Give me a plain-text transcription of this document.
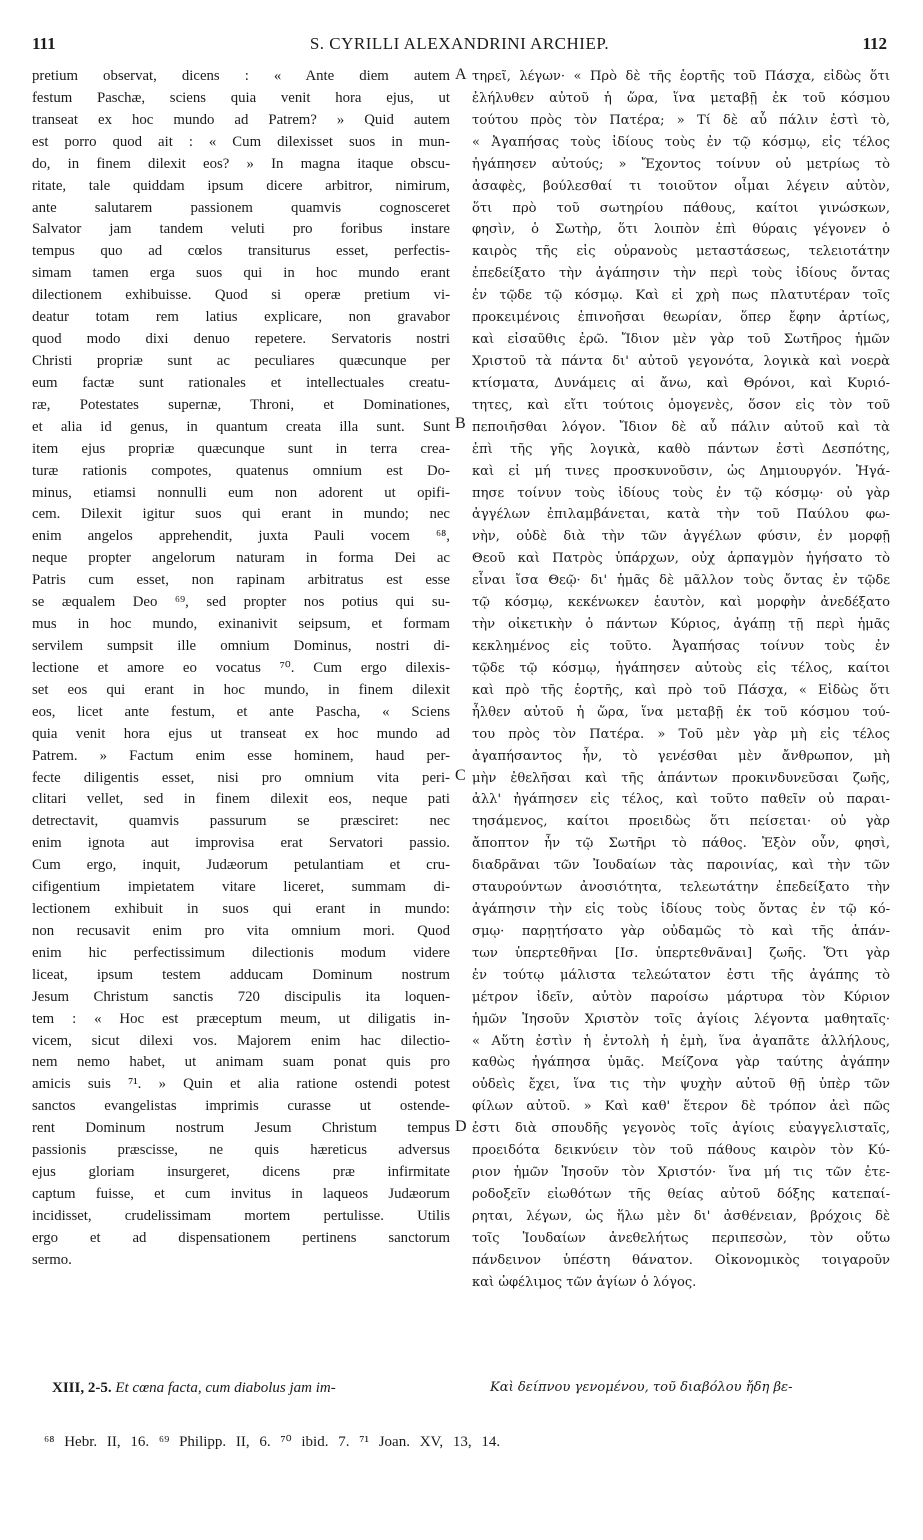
111	S. CYRILLI ALEXANDRINI ARCHIEP.	112
pretium observat, dicens : « Ante diem autem
festum Paschæ, sciens quia venit hora ejus, ut
transeat ex hoc mundo ad Patrem? » Quid autem
est porro quod ait : « Cum dilexisset suos in mun-
do, in finem dilexit eos? » In magna itaque obscu-
ritate, tale quiddam ipsum dicere arbitror, nimirum,
ante salutarem passionem quamvis cognosceret
Salvator jam tandem veluti pro foribus instare
tempus quo ad cœlos transiturus esset, perfectis-
simam tamen erga suos qui in hoc mundo erant
dilectionem exhibuisse. Quod si operæ pretium vi-
deatur totam rem latius explicare, non gravabor
quod modo dixi denuo repetere. Servatoris nostri
Christi propriæ sunt ac peculiares quæcunque per
eum factæ sunt rationales et intellectuales creatu-
ræ, Potestates supernæ, Throni, et Dominationes,
et alia id genus, in quantum creata illa sunt. Sunt
item ejus propriæ quæcunque sunt in terra crea-
turæ rationis compotes, quatenus omnium est Do-
minus, etiamsi nonnulli eum non adorent ut opifi-
cem. Dilexit igitur suos qui erant in mundo; nec
enim angelos apprehendit, juxta Pauli vocem ⁶⁸,
neque propter angelorum naturam in forma Dei ac
Patris cum esset, non rapinam arbitratus est esse
se æqualem Deo ⁶⁹, sed propter nos potius qui su-
mus in hoc mundo, exinanivit seipsum, et formam
servilem sumpsit ille omnium Dominus, nostri di-
lectione et amore eo vocatus ⁷⁰. Cum ergo dilexis-
set eos qui erant in hoc mundo, in finem dilexit
eos, licet ante festum, et ante Pascha, « Sciens
quia venit hora ejus ut transeat ex hoc mundo ad
Patrem. » Factum enim esse hominem, haud per-
fecte diligentis esset, nisi pro omnium vita peri-
clitari vellet, sed in finem dilexit eos, neque pati
detrectavit, quamvis passurum se præsciret: nec
enim ignota aut improvisa erat Servatori passio.
Cum ergo, inquit, Judæorum petulantiam et cru-
cifigentium impietatem vitare liceret, summam di-
lectionem exhibuit in suos qui erant in mundo:
non recusavit enim pro vita omnium mori. Quod
enim hic perfectissimum dilectionis modum videre
liceat, ipsum testem adducam Dominum nostrum
Jesum Christum sanctis 720 discipulis ita loquen-
tem : « Hoc est præceptum meum, ut diligatis in-
vicem, sicut dilexi vos. Majorem enim hac dilectio-
nem nemo habet, ut animam suam ponat quis pro
amicis suis ⁷¹. » Quin et alia ratione ostendi potest
sanctos evangelistas imprimis curasse ut ostende-
rent Dominum nostrum Jesum Christum tempus
passionis præscisse, ne quis hæreticus adversus
ejus gloriam insurgeret, dicens præ infirmitate
captum fuisse, et cum invitus in laqueos Judæorum
incidisset, crudelissimam mortem pertulisse. Utilis
ergo et ad dispensationem pertinens sanctorum
sermo.
τηρεῖ, λέγων· « Πρὸ δὲ τῆς ἑορτῆς τοῦ Πάσχα, εἰδὼς ὅτι
ἐλήλυθεν αὐτοῦ ἡ ὥρα, ἵνα μεταβῇ ἐκ τοῦ κόσμου
τούτου πρὸς τὸν Πατέρα; » Τί δὲ αὖ πάλιν ἐστὶ τὸ,
« Ἀγαπήσας τοὺς ἰδίους τοὺς ἐν τῷ κόσμῳ, εἰς τέλος
ἠγάπησεν αὐτούς; » Ἔχοντος τοίνυν οὐ μετρίως τὸ
ἀσαφὲς, βούλεσθαί τι τοιοῦτον οἶμαι λέγειν αὐτὸν,
ὅτι πρὸ τοῦ σωτηρίου πάθους, καίτοι γινώσκων,
φησὶν, ὁ Σωτὴρ, ὅτι λοιπὸν ἐπὶ θύραις γέγονεν ὁ
καιρὸς τῆς εἰς οὐρανοὺς μεταστάσεως, τελειοτάτην
ἐπεδείξατο τὴν ἀγάπησιν τὴν περὶ τοὺς ἰδίους ὄντας
ἐν τῷδε τῷ κόσμῳ. Καὶ εἰ χρὴ πως πλατυτέραν τοῖς
προκειμένοις ἐπινοῆσαι θεωρίαν, ὅπερ ἔφην ἀρτίως,
καὶ εἰσαῦθις ἐρῶ. Ἴδιον μὲν γὰρ τοῦ Σωτῆρος ἡμῶν
Χριστοῦ τὰ πάντα δι' αὐτοῦ γεγονότα, λογικὰ καὶ νοερὰ
κτίσματα, Δυνάμεις αἱ ἄνω, καὶ Θρόνοι, καὶ Κυριό-
τητες, καὶ εἴτι τούτοις ὁμογενὲς, ὅσον εἰς τὸν τοῦ
πεποιῆσθαι λόγον. Ἴδιον δὲ αὖ πάλιν αὐτοῦ καὶ τὰ
ἐπὶ τῆς γῆς λογικὰ, καθὸ πάντων ἐστὶ Δεσπότης,
καὶ εἰ μή τινες προσκυνοῦσιν, ὡς Δημιουργόν. Ἠγά-
πησε τοίνυν τοὺς ἰδίους τοὺς ἐν τῷ κόσμῳ· οὐ γὰρ
ἀγγέλων ἐπιλαμβάνεται, κατὰ τὴν τοῦ Παύλου φω-
νὴν, οὐδὲ διὰ τὴν τῶν ἀγγέλων φύσιν, ἐν μορφῇ
Θεοῦ καὶ Πατρὸς ὑπάρχων, οὐχ ἁρπαγμὸν ἡγήσατο τὸ
εἶναι ἴσα Θεῷ· δι' ἡμᾶς δὲ μᾶλλον τοὺς ὄντας ἐν τῷδε
τῷ κόσμῳ, κεκένωκεν ἑαυτὸν, καὶ μορφὴν ἀνεδέξατο
τὴν οἰκετικὴν ὁ πάντων Κύριος, ἀγάπῃ τῇ περὶ ἡμᾶς
κεκλημένος εἰς τοῦτο. Ἀγαπήσας τοίνυν τοὺς ἐν
τῷδε τῷ κόσμῳ, ἠγάπησεν αὐτοὺς εἰς τέλος, καίτοι
καὶ πρὸ τῆς ἑορτῆς, καὶ πρὸ τοῦ Πάσχα, « Εἰδὼς ὅτι
ἦλθεν αὐτοῦ ἡ ὥρα, ἵνα μεταβῇ ἐκ τοῦ κόσμου τού-
του πρὸς τὸν Πατέρα. » Τοῦ μὲν γὰρ μὴ εἰς τέλος
ἀγαπήσαντος ἦν, τὸ γενέσθαι μὲν ἄνθρωπον, μὴ
μὴν ἐθελῆσαι καὶ τῆς ἁπάντων προκινδυνεῦσαι ζωῆς,
ἀλλ' ἠγάπησεν εἰς τέλος, καὶ τοῦτο παθεῖν οὐ παραι-
τησάμενος, καίτοι προειδὼς ὅτι πείσεται· οὐ γὰρ
ἄποπτον ἦν τῷ Σωτῆρι τὸ πάθος. Ἐξὸν οὖν, φησὶ,
διαδρᾶναι τῶν Ἰουδαίων τὰς παροινίας, καὶ τὴν τῶν
σταυρούντων ἀνοσιότητα, τελεωτάτην ἐπεδείξατο τὴν
ἀγάπησιν τὴν εἰς τοὺς ἰδίους τοὺς ὄντας ἐν τῷ κό-
σμῳ· παρῃτήσατο γὰρ οὐδαμῶς τὸ καὶ τῆς ἁπάν-
των ὑπερτεθῆναι [Ισ. ὑπερτεθνᾶναι] ζωῆς. Ὅτι γὰρ
ἐν τούτῳ μάλιστα τελεώτατον ἐστι τῆς ἀγάπης τὸ
μέτρον ἰδεῖν, αὐτὸν παροίσω μάρτυρα τὸν Κύριον
ἡμῶν Ἰησοῦν Χριστὸν τοῖς ἁγίοις λέγοντα μαθηταῖς·
« Αὕτη ἐστὶν ἡ ἐντολὴ ἡ ἐμὴ, ἵνα ἀγαπᾶτε ἀλλήλους,
καθὼς ἠγάπησα ὑμᾶς. Μείζονα γὰρ ταύτης ἀγάπην
οὐδεὶς ἔχει, ἵνα τις τὴν ψυχὴν αὐτοῦ θῇ ὑπὲρ τῶν
φίλων αὐτοῦ. » Καὶ καθ' ἕτερον δὲ τρόπον ἀεὶ πῶς
ἐστι διὰ σπουδῆς γεγονὸς τοῖς ἁγίοις εὐαγγελισταῖς,
προειδότα δεικνύειν τὸν τοῦ πάθους καιρὸν τὸν Κύ-
ριον ἡμῶν Ἰησοῦν τὸν Χριστόν· ἵνα μή τις τῶν ἑτε-
ροδοξεῖν εἰωθότων τῆς θείας αὐτοῦ δόξης κατεπαί-
ρηται, λέγων, ὡς ἥλω μὲν δι' ἀσθένειαν, βρόχοις δὲ
τοῖς Ἰουδαίων ἀνεθελήτως περιπεσὼν, τὸν οὕτω
πάνδεινον ὑπέστη θάνατον. Οἰκονομικὸς τοιγαροῦν
καὶ ὠφέλιμος τῶν ἁγίων ὁ λόγος.
A
B
C
D
XIII, 2-5. Et cœna facta, cum diabolus jam im-	Καὶ δείπνου γενομένου, τοῦ διαβόλου ἤδη βε-
⁶⁸ Hebr. II, 16. ⁶⁹ Philipp. II, 6. ⁷⁰ ibid. 7. ⁷¹ Joan. XV, 13, 14.
